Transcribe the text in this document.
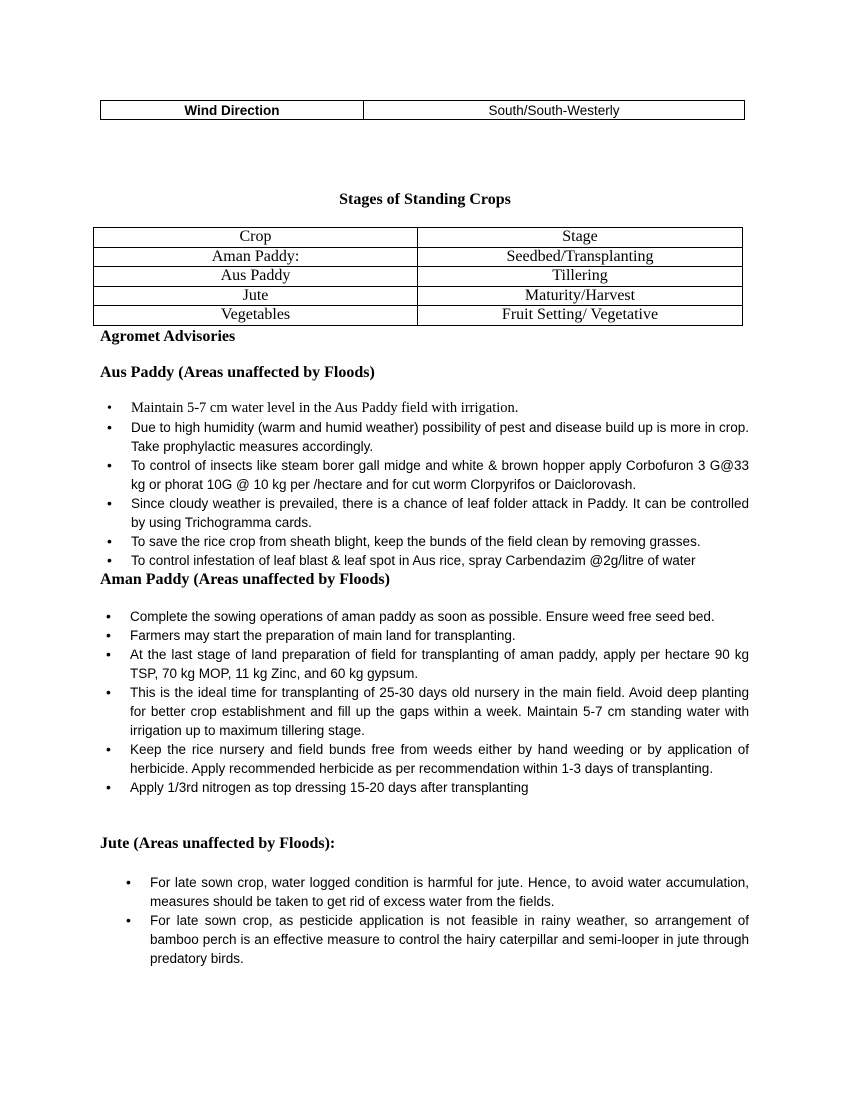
Wind Direction	South/South-Westerly
Stages of Standing Crops
Crop	Stage
Aman Paddy:	Seedbed/Transplanting
Aus Paddy	Tillering
Jute	Maturity/Harvest
Vegetables	Fruit Setting/ Vegetative
Agromet Advisories
Aus Paddy (Areas unaffected by Floods)
• Maintain 5-7 cm water level in the Aus Paddy field with irrigation.
• Due to high humidity (warm and humid weather) possibility of pest and disease build up is more in crop. Take prophylactic measures accordingly.
• To control of insects like steam borer gall midge and white & brown hopper apply Corbofuron 3 G@33 kg or phorat 10G @ 10 kg per /hectare and for cut worm Clorpyrifos or Daiclorovash.
• Since cloudy weather is prevailed, there is a chance of leaf folder attack in Paddy. It can be controlled by using Trichogramma cards.
• To save the rice crop from sheath blight, keep the bunds of the field clean by removing grasses.
• To control infestation of leaf blast & leaf spot in Aus rice, spray Carbendazim @2g/litre of water
Aman Paddy (Areas unaffected by Floods)
• Complete the sowing operations of aman paddy as soon as possible. Ensure weed free seed bed.
• Farmers may start the preparation of main land for transplanting.
• At the last stage of land preparation of field for transplanting of aman paddy, apply per hectare 90 kg TSP, 70 kg MOP, 11 kg Zinc, and 60 kg gypsum.
• This is the ideal time for transplanting of 25-30 days old nursery in the main field. Avoid deep planting for better crop establishment and fill up the gaps within a week. Maintain 5-7 cm standing water with irrigation up to maximum tillering stage.
• Keep the rice nursery and field bunds free from weeds either by hand weeding or by application of herbicide. Apply recommended herbicide as per recommendation within 1-3 days of transplanting.
• Apply 1/3rd nitrogen as top dressing 15-20 days after transplanting
Jute (Areas unaffected by Floods):
• For late sown crop, water logged condition is harmful for jute. Hence, to avoid water accumulation, measures should be taken to get rid of excess water from the fields.
• For late sown crop, as pesticide application is not feasible in rainy weather, so arrangement of bamboo perch is an effective measure to control the hairy caterpillar and semi-looper in jute through predatory birds.
